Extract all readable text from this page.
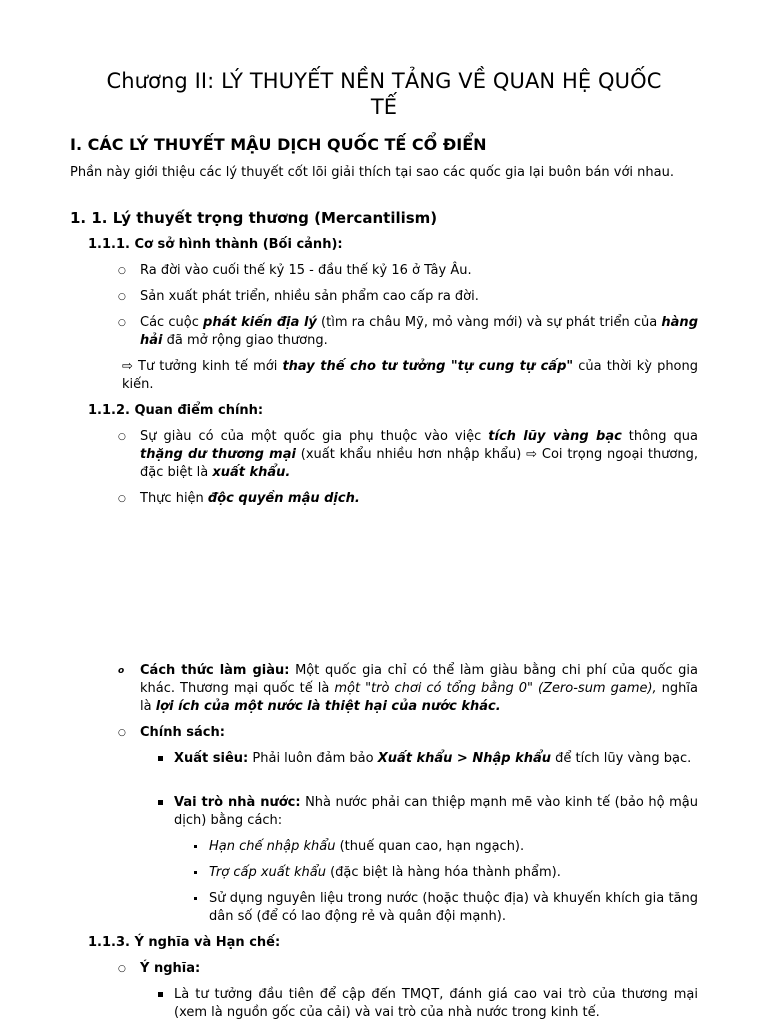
Chương II: LÝ THUYẾT NỀN TẢNG VỀ QUAN HỆ QUỐC
TẾ
I. CÁC LÝ THUYẾT MẬU DỊCH QUỐC TẾ CỔ ĐIỂN
Phần này giới thiệu các lý thuyết cốt lõi giải thích tại sao các quốc gia lại buôn bán với nhau.
1. 1. Lý thuyết trọng thương (Mercantilism)
1.1.1. Cơ sở hình thành (Bối cảnh):
○ Ra đời vào cuối thế kỷ 15 - đầu thế kỷ 16 ở Tây Âu.
○ Sản xuất phát triển, nhiều sản phẩm cao cấp ra đời.
○ Các cuộc phát kiến địa lý (tìm ra châu Mỹ, mỏ vàng mới) và sự phát triển của hàng hải đã mở rộng giao thương.
⇨ Tư tưởng kinh tế mới thay thế cho tư tưởng "tự cung tự cấp" của thời kỳ phong kiến.
1.1.2. Quan điểm chính:
○ Sự giàu có của một quốc gia phụ thuộc vào việc tích lũy vàng bạc thông qua thặng dư thương mại (xuất khẩu nhiều hơn nhập khẩu) ⇨ Coi trọng ngoại thương, đặc biệt là xuất khẩu.
○ Thực hiện độc quyền mậu dịch.
o Cách thức làm giàu: Một quốc gia chỉ có thể làm giàu bằng chi phí của quốc gia khác. Thương mại quốc tế là một "trò chơi có tổng bằng 0" (Zero-sum game), nghĩa là lợi ích của một nước là thiệt hại của nước khác.
○ Chính sách:
Xuất siêu: Phải luôn đảm bảo Xuất khẩu > Nhập khẩu để tích lũy vàng bạc.
Vai trò nhà nước: Nhà nước phải can thiệp mạnh mẽ vào kinh tế (bảo hộ mậu dịch) bằng cách:
Hạn chế nhập khẩu (thuế quan cao, hạn ngạch).
Trợ cấp xuất khẩu (đặc biệt là hàng hóa thành phẩm).
Sử dụng nguyên liệu trong nước (hoặc thuộc địa) và khuyến khích gia tăng dân số (để có lao động rẻ và quân đội mạnh).
1.1.3. Ý nghĩa và Hạn chế:
○ Ý nghĩa:
Là tư tưởng đầu tiên để cập đến TMQT, đánh giá cao vai trò của thương mại (xem là nguồn gốc của cải) và vai trò của nhà nước trong kinh tế.
